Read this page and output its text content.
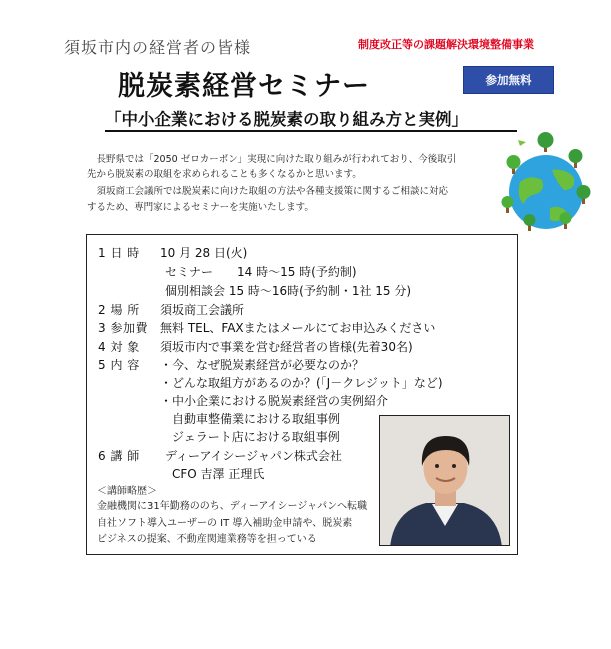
須坂市内の経営者の皆様	制度改正等の課題解決環境整備事業
脱炭素経営セミナー	参加無料
「中小企業における脱炭素の取り組み方と実例」
　長野県では「2050 ゼロカーボン」実現に向けた取り組みが行われており、今後取引
先から脱炭素の取組を求められることも多くなるかと思います。
　須坂商工会議所では脱炭素に向けた取組の方法や各種支援策に関するご相談に対応
するため、専門家によるセミナーを実施いたします。
1 日 時 10 月 28 日(火)
セミナー　　14 時～15 時(予約制)
個別相談会 15 時～16時(予約制・1社 15 分)
2 場 所 須坂商工会議所
3 参加費 無料 TEL、FAXまたはメールにてお申込みください
4 対 象 須坂市内で事業を営む経営者の皆様(先着30名)
5 内 容 ・今、なぜ脱炭素経営が必要なのか？
・どんな取組方があるのか？(「J－クレジット」など)
・中小企業における脱炭素経営の実例紹介
　自動車整備業における取組事例
　ジェラート店における取組事例
6 講 師 ディーアイシージャパン株式会社
CFO 吉澤 正理氏
＜講師略歴＞
金融機関に31年勤務ののち、ディーアイシージャパンへ転職
自社ソフト導入ユーザーの IT 導入補助金申請や、脱炭素
ビジネスの提案、不動産関連業務等を担っている
